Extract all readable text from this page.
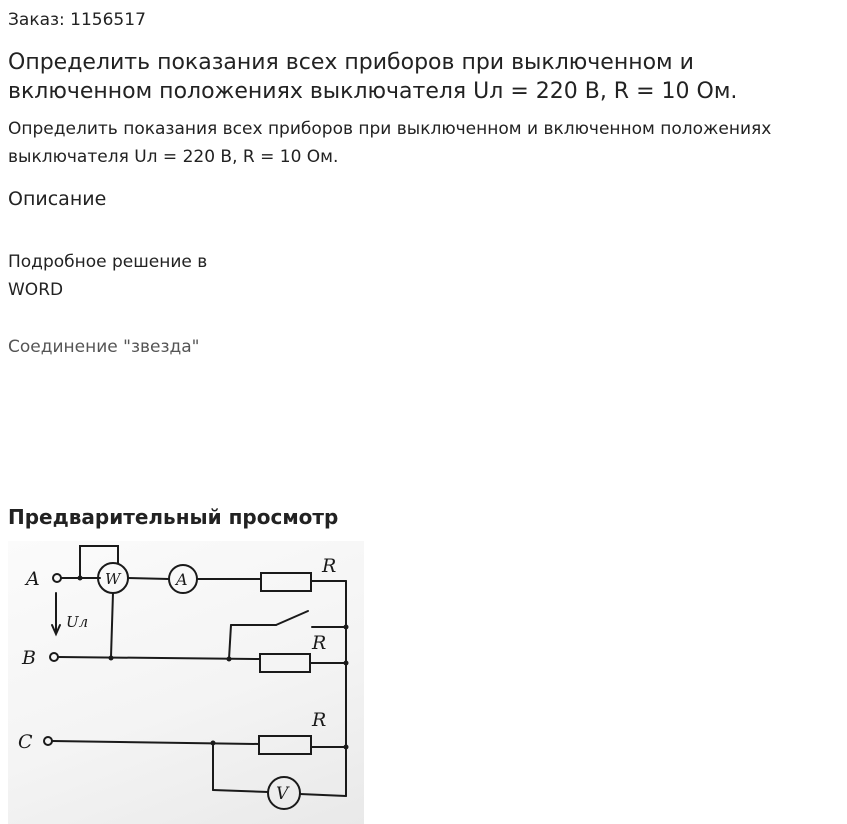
Заказ: 1156517
Определить показания всех приборов при выключенном и включенном положениях выключателя Uл = 220 В, R = 10 Ом.

Определить показания всех приборов при выключенном и включенном положениях выключателя Uл = 220 В, R = 10 Ом.

Описание
Подробное решение в WORD
Соединение "звезда"
Предварительный просмотр
A
B
C
Uл
W	A
V
R
R
R
